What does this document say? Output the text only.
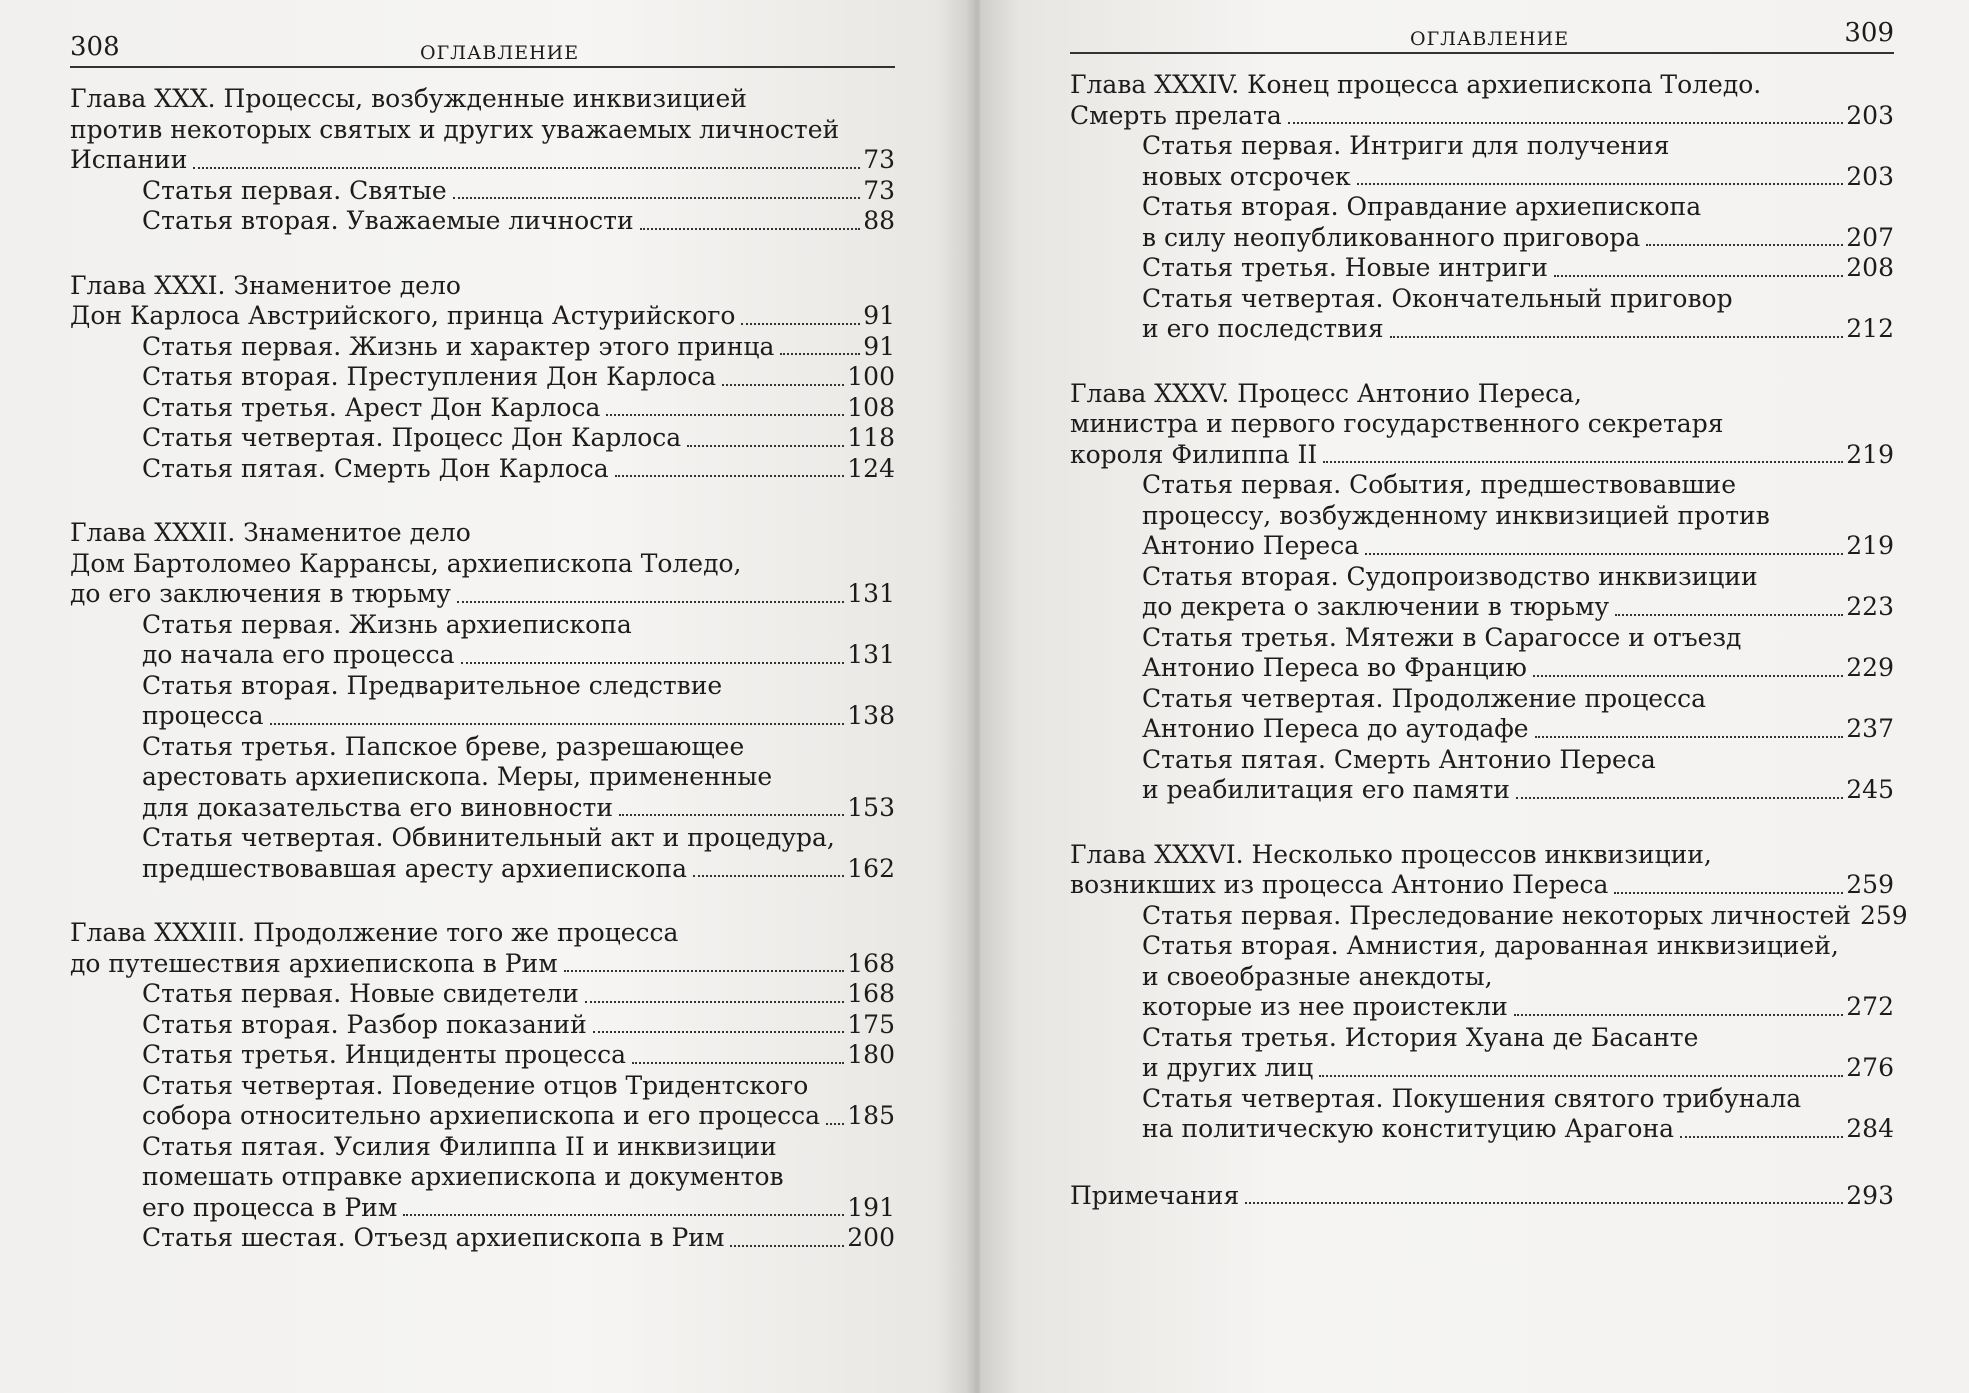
308	ОГЛАВЛЕНИЕ
Глава XXX. Процессы, возбужденные инквизицией
против некоторых святых и других уважаемых личностей
Испании	73
Статья первая. Святые	73
Статья вторая. Уважаемые личности	88
Глава XXXI. Знаменитое дело
Дон Карлоса Австрийского, принца Астурийского	91
Статья первая. Жизнь и характер этого принца	91
Статья вторая. Преступления Дон Карлоса	100
Статья третья. Арест Дон Карлоса	108
Статья четвертая. Процесс Дон Карлоса	118
Статья пятая. Смерть Дон Карлоса	124
Глава XXXII. Знаменитое дело
Дом Бартоломео Каррансы, архиепископа Толедо,
до его заключения в тюрьму	131
Статья первая. Жизнь архиепископа
до начала его процесса	131
Статья вторая. Предварительное следствие
процесса	138
Статья третья. Папское бреве, разрешающее
арестовать архиепископа. Меры, примененные
для доказательства его виновности	153
Статья четвертая. Обвинительный акт и процедура,
предшествовавшая аресту архиепископа	162
Глава XXXIII. Продолжение того же процесса
до путешествия архиепископа в Рим	168
Статья первая. Новые свидетели	168
Статья вторая. Разбор показаний	175
Статья третья. Инциденты процесса	180
Статья четвертая. Поведение отцов Тридентского
собора относительно архиепископа и его процесса 185
Статья пятая. Усилия Филиппа II и инквизиции
помешать отправке архиепископа и документов
его процесса в Рим	191
Статья шестая. Отъезд архиепископа в Рим	200
ОГЛАВЛЕНИЕ	309
Глава XXXIV. Конец процесса архиепископа Толедо.
Смерть прелата	203
Статья первая. Интриги для получения
новых отсрочек	203
Статья вторая. Оправдание архиепископа
в силу неопубликованного приговора	207
Статья третья. Новые интриги	208
Статья четвертая. Окончательный приговор
и его последствия	212
Глава XXXV. Процесс Антонио Переса,
министра и первого государственного секретаря
короля Филиппа II	219
Статья первая. События, предшествовавшие
процессу, возбужденному инквизицией против
Антонио Переса	219
Статья вторая. Судопроизводство инквизиции
до декрета о заключении в тюрьму	223
Статья третья. Мятежи в Сарагоссе и отъезд
Антонио Переса во Францию	229
Статья четвертая. Продолжение процесса
Антонио Переса до аутодафе	237
Статья пятая. Смерть Антонио Переса
и реабилитация его памяти	245
Глава XXXVI. Несколько процессов инквизиции,
возникших из процесса Антонио Переса	259
Статья первая. Преследование некоторых личностей 259
Статья вторая. Амнистия, дарованная инквизицией,
и своеобразные анекдоты,
которые из нее проистекли	272
Статья третья. История Хуана де Басанте
и других лиц	276
Статья четвертая. Покушения святого трибунала
на политическую конституцию Арагона	284
Примечания	293
